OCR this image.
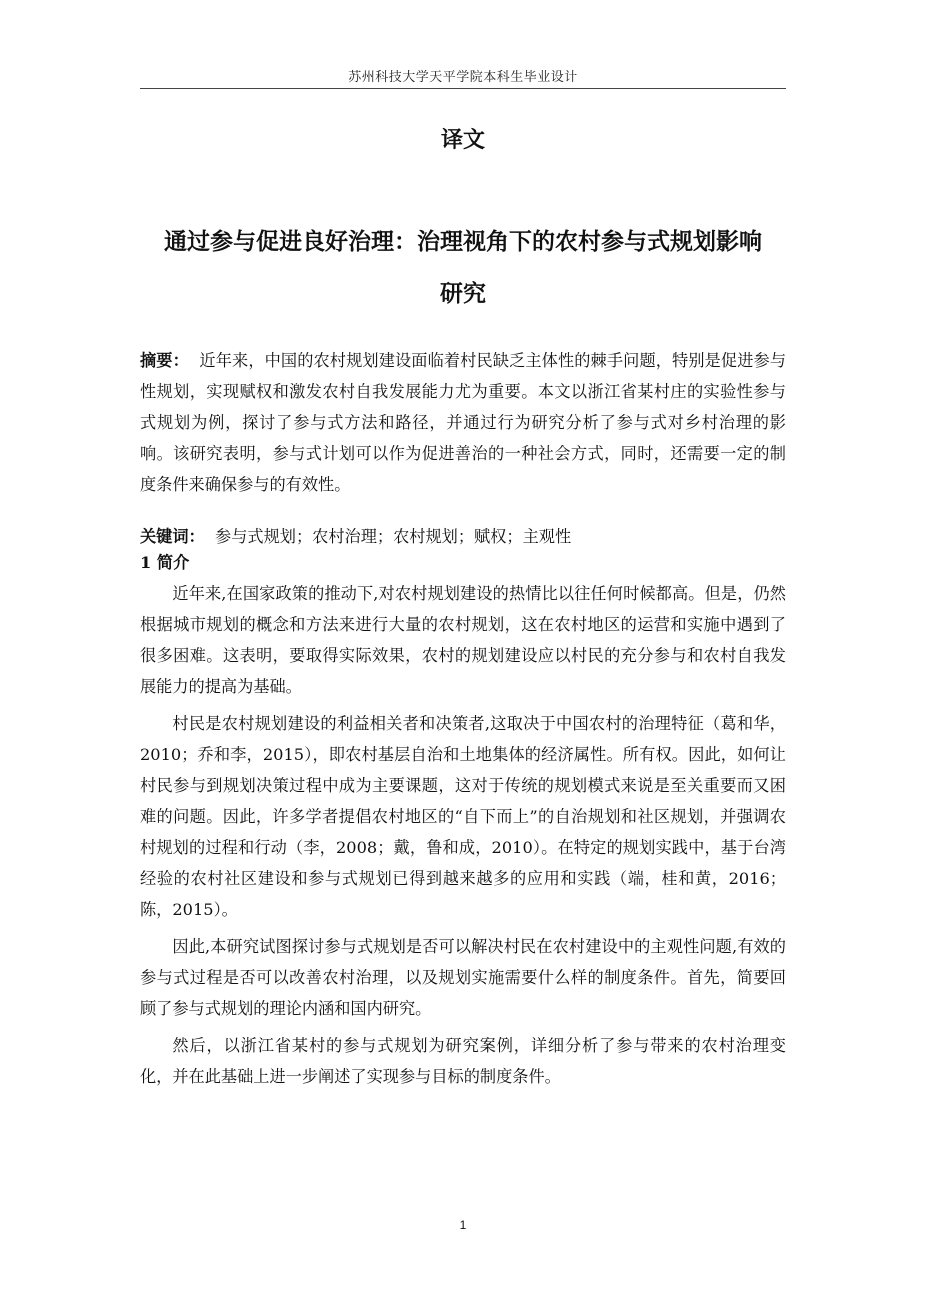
苏州科技大学天平学院本科生毕业设计
译文
通过参与促进良好治理：治理视角下的农村参与式规划影响
研究
摘要： 近年来，中国的农村规划建设面临着村民缺乏主体性的棘手问题，特别是促进参与性规划，实现赋权和激发农村自我发展能力尤为重要。本文以浙江省某村庄的实验性参与式规划为例，探讨了参与式方法和路径，并通过行为研究分析了参与式对乡村治理的影响。该研究表明，参与式计划可以作为促进善治的一种社会方式，同时，还需要一定的制度条件来确保参与的有效性。
关键词： 参与式规划；农村治理；农村规划；赋权；主观性
1 简介

近年来,在国家政策的推动下,对农村规划建设的热情比以往任何时候都高。但是，仍然根据城市规划的概念和方法来进行大量的农村规划，这在农村地区的运营和实施中遇到了很多困难。这表明，要取得实际效果，农村的规划建设应以村民的充分参与和农村自我发展能力的提高为基础。

村民是农村规划建设的利益相关者和决策者,这取决于中国农村的治理特征（葛和华，2010；乔和李，2015），即农村基层自治和土地集体的经济属性。所有权。因此，如何让村民参与到规划决策过程中成为主要课题，这对于传统的规划模式来说是至关重要而又困难的问题。因此，许多学者提倡农村地区的“自下而上”的自治规划和社区规划，并强调农村规划的过程和行动（李，2008；戴，鲁和成，2010）。在特定的规划实践中，基于台湾经验的农村社区建设和参与式规划已得到越来越多的应用和实践（端，桂和黄，2016；陈，2015）。

因此,本研究试图探讨参与式规划是否可以解决村民在农村建设中的主观性问题,有效的参与式过程是否可以改善农村治理，以及规划实施需要什么样的制度条件。首先，简要回顾了参与式规划的理论内涵和国内研究。

然后，以浙江省某村的参与式规划为研究案例，详细分析了参与带来的农村治理变化，并在此基础上进一步阐述了实现参与目标的制度条件。

1
